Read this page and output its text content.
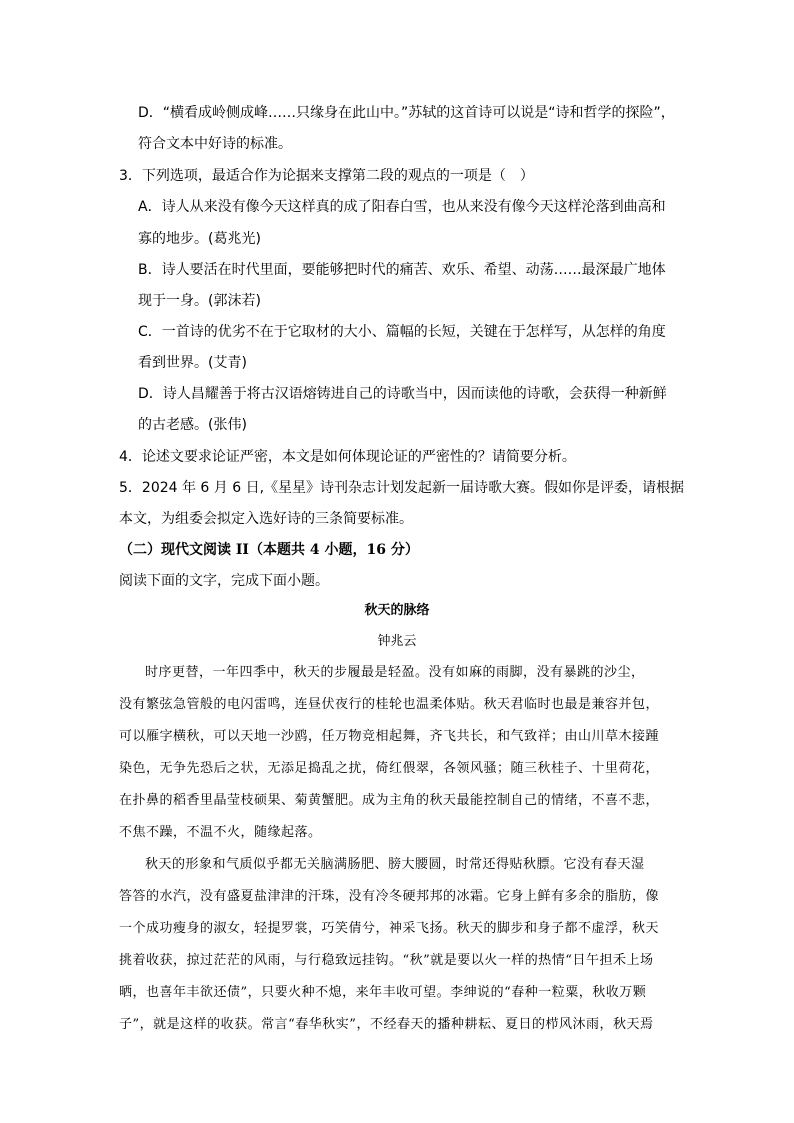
D．“横看成岭侧成峰……只缘身在此山中。”苏轼的这首诗可以说是“诗和哲学的探险”，
符合文本中好诗的标准。
3．下列选项，最适合作为论据来支撑第二段的观点的一项是（　）
A．诗人从来没有像今天这样真的成了阳春白雪，也从来没有像今天这样沦落到曲高和
寡的地步。(葛兆光)
B．诗人要活在时代里面，要能够把时代的痛苦、欢乐、希望、动荡……最深最广地体
现于一身。(郭沫若)
C．一首诗的优劣不在于它取材的大小、篇幅的长短，关键在于怎样写，从怎样的角度
看到世界。(艾青)
D．诗人昌耀善于将古汉语熔铸进自己的诗歌当中，因而读他的诗歌，会获得一种新鲜
的古老感。(张伟)
4．论述文要求论证严密，本文是如何体现论证的严密性的？请简要分析。
5．2024 年 6 月 6 日,《星星》诗刊杂志计划发起新一届诗歌大赛。假如你是评委，请根据
本文，为组委会拟定入选好诗的三条简要标准。
（二）现代文阅读 II（本题共 4 小题，16 分）
阅读下面的文字，完成下面小题。
秋天的脉络
钟兆云
时序更替，一年四季中，秋天的步履最是轻盈。没有如麻的雨脚，没有暴跳的沙尘，
没有繁弦急管般的电闪雷鸣，连昼伏夜行的桂轮也温柔体贴。秋天君临时也最是兼容并包，
可以雁字横秋，可以天地一沙鸥，任万物竞相起舞，齐飞共长，和气致祥；由山川草木接踵
染色，无争先恐后之状，无添足捣乱之扰，倚红偎翠，各领风骚；随三秋桂子、十里荷花，
在扑鼻的稻香里晶莹枝硕果、菊黄蟹肥。成为主角的秋天最能控制自己的情绪，不喜不悲，
不焦不躁，不温不火，随缘起落。
秋天的形象和气质似乎都无关脑满肠肥、膀大腰圆，时常还得贴秋膘。它没有春天湿
答答的水汽，没有盛夏盐津津的汗珠，没有冷冬硬邦邦的冰霜。它身上鲜有多余的脂肪，像
一个成功瘦身的淑女，轻提罗裳，巧笑倩兮，神采飞扬。秋天的脚步和身子都不虚浮，秋天
挑着收获，掠过茫茫的风雨，与行稳致远挂钩。“秋”就是要以火一样的热情“日午担禾上场
晒，也喜年丰欲还债”，只要火种不熄，来年丰收可望。李绅说的“春种一粒粟，秋收万颗
子”，就是这样的收获。常言“春华秋实”，不经春天的播种耕耘、夏日的栉风沐雨，秋天焉
